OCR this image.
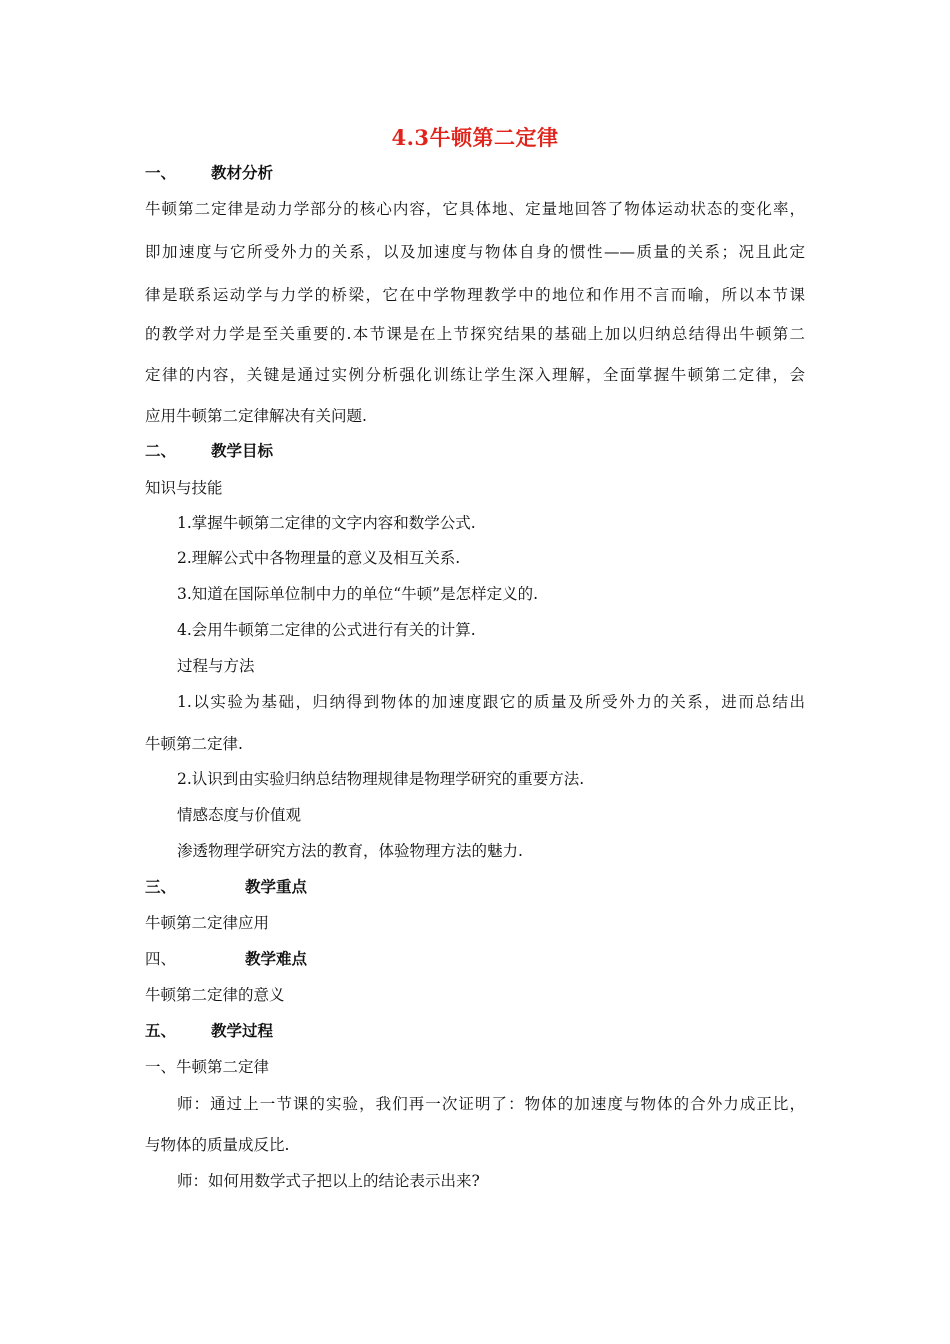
4.3牛顿第二定律
一、 教材分析
牛顿第二定律是动力学部分的核心内容，它具体地、定量地回答了物体运动状态的变化率，
即加速度与它所受外力的关系，以及加速度与物体自身的惯性——质量的关系；况且此定
律是联系运动学与力学的桥梁，它在中学物理教学中的地位和作用不言而喻，所以本节课
的教学对力学是至关重要的.本节课是在上节探究结果的基础上加以归纳总结得出牛顿第二
定律的内容，关键是通过实例分析强化训练让学生深入理解，全面掌握牛顿第二定律，会
应用牛顿第二定律解决有关问题.
二、 教学目标
知识与技能
1.掌握牛顿第二定律的文字内容和数学公式.
2.理解公式中各物理量的意义及相互关系.
3.知道在国际单位制中力的单位“牛顿”是怎样定义的.
4.会用牛顿第二定律的公式进行有关的计算.
过程与方法
1.以实验为基础，归纳得到物体的加速度跟它的质量及所受外力的关系，进而总结出
牛顿第二定律.
2.认识到由实验归纳总结物理规律是物理学研究的重要方法.
情感态度与价值观
渗透物理学研究方法的教育，体验物理方法的魅力.
三、	教学重点
牛顿第二定律应用
四、	教学难点
牛顿第二定律的意义
五、 教学过程
一、牛顿第二定律
师：通过上一节课的实验，我们再一次证明了：物体的加速度与物体的合外力成正比，
与物体的质量成反比.
师：如何用数学式子把以上的结论表示出来?
